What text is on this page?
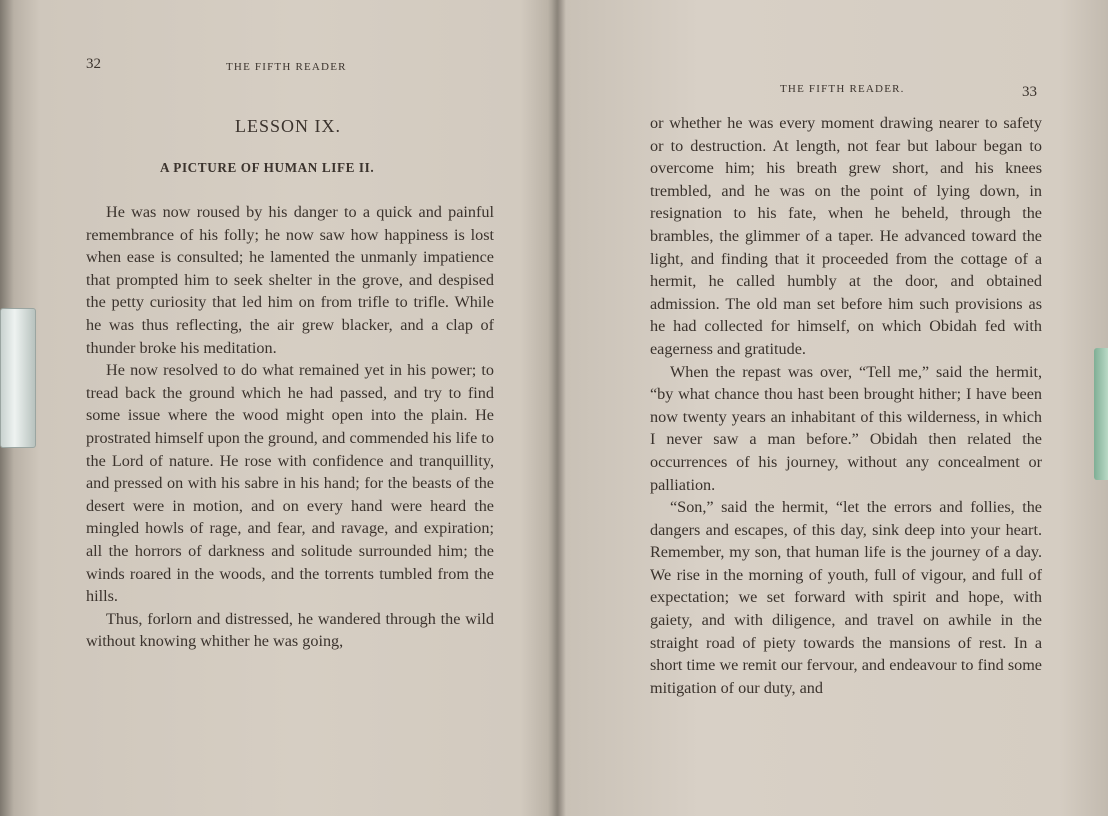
32	THE FIFTH READER
LESSON IX.
A PICTURE OF HUMAN LIFE II.

He was now roused by his danger to a quick and painful remembrance of his folly; he now saw how happiness is lost when ease is consulted; he lamented the unmanly impatience that prompted him to seek shelter in the grove, and despised the petty curiosity that led him on from trifle to trifle. While he was thus reflecting, the air grew blacker, and a clap of thunder broke his meditation.

He now resolved to do what remained yet in his power; to tread back the ground which he had passed, and try to find some issue where the wood might open into the plain. He prostrated himself upon the ground, and commended his life to the Lord of nature. He rose with confidence and tranquillity, and pressed on with his sabre in his hand; for the beasts of the desert were in motion, and on every hand were heard the mingled howls of rage, and fear, and ravage, and expiration; all the horrors of darkness and solitude surrounded him; the winds roared in the woods, and the torrents tumbled from the hills.

Thus, forlorn and distressed, he wandered through the wild without knowing whither he was going,

THE FIFTH READER.	33

or whether he was every moment drawing nearer to safety or to destruction. At length, not fear but labour began to overcome him; his breath grew short, and his knees trembled, and he was on the point of lying down, in resignation to his fate, when he beheld, through the brambles, the glimmer of a taper. He advanced toward the light, and finding that it proceeded from the cottage of a hermit, he called humbly at the door, and obtained admission. The old man set before him such provisions as he had collected for himself, on which Obidah fed with eagerness and gratitude.

When the repast was over, “Tell me,” said the hermit, “by what chance thou hast been brought hither; I have been now twenty years an inhabitant of this wilderness, in which I never saw a man before.” Obidah then related the occurrences of his journey, without any concealment or palliation.

“Son,” said the hermit, “let the errors and follies, the dangers and escapes, of this day, sink deep into your heart. Remember, my son, that human life is the journey of a day. We rise in the morning of youth, full of vigour, and full of expectation; we set forward with spirit and hope, with gaiety, and with diligence, and travel on awhile in the straight road of piety towards the mansions of rest. In a short time we remit our fervour, and endeavour to find some mitigation of our duty, and
